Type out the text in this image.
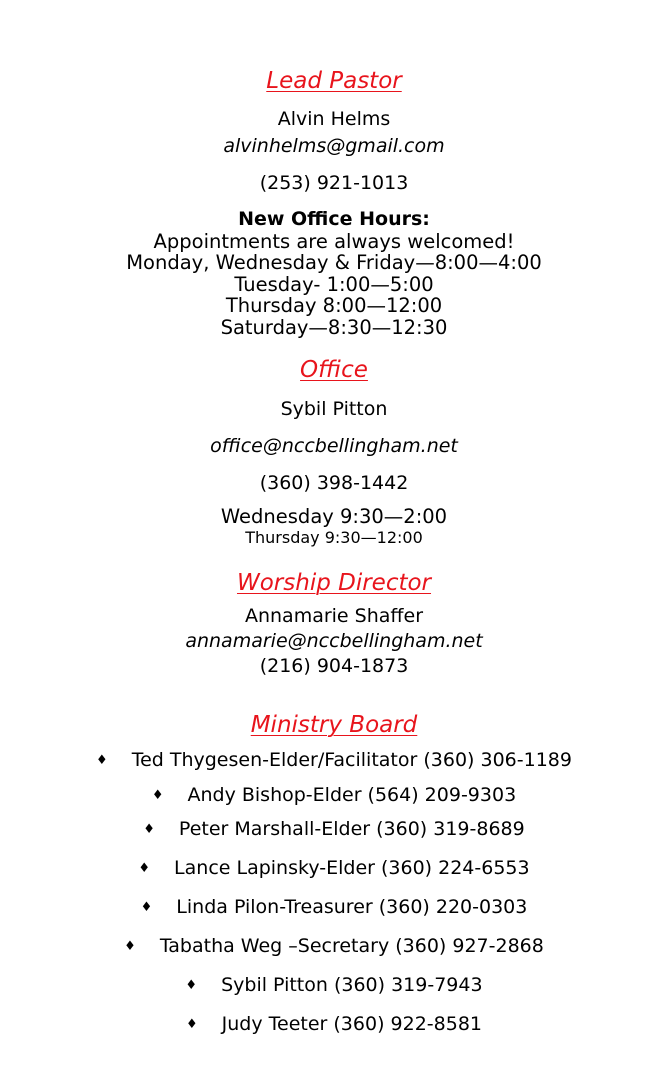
Lead Pastor
Alvin Helms
alvinhelms@gmail.com
(253) 921-1013
New Office Hours:
Appointments are always welcomed!
Monday, Wednesday & Friday—8:00—4:00
Tuesday- 1:00—5:00
Thursday 8:00—12:00
Saturday—8:30—12:30
Office
Sybil Pitton
office@nccbellingham.net
(360) 398-1442
Wednesday 9:30—2:00
Thursday 9:30—12:00
Worship Director
Annamarie Shaffer
annamarie@nccbellingham.net
(216) 904-1873
Ministry Board
♦ Ted Thygesen-Elder/Facilitator (360) 306-1189
♦ Andy Bishop-Elder (564) 209-9303
♦ Peter Marshall-Elder (360) 319-8689
♦ Lance Lapinsky-Elder (360) 224-6553
♦ Linda Pilon-Treasurer (360) 220-0303
♦ Tabatha Weg –Secretary (360) 927-2868
♦ Sybil Pitton (360) 319-7943
♦ Judy Teeter (360) 922-8581
